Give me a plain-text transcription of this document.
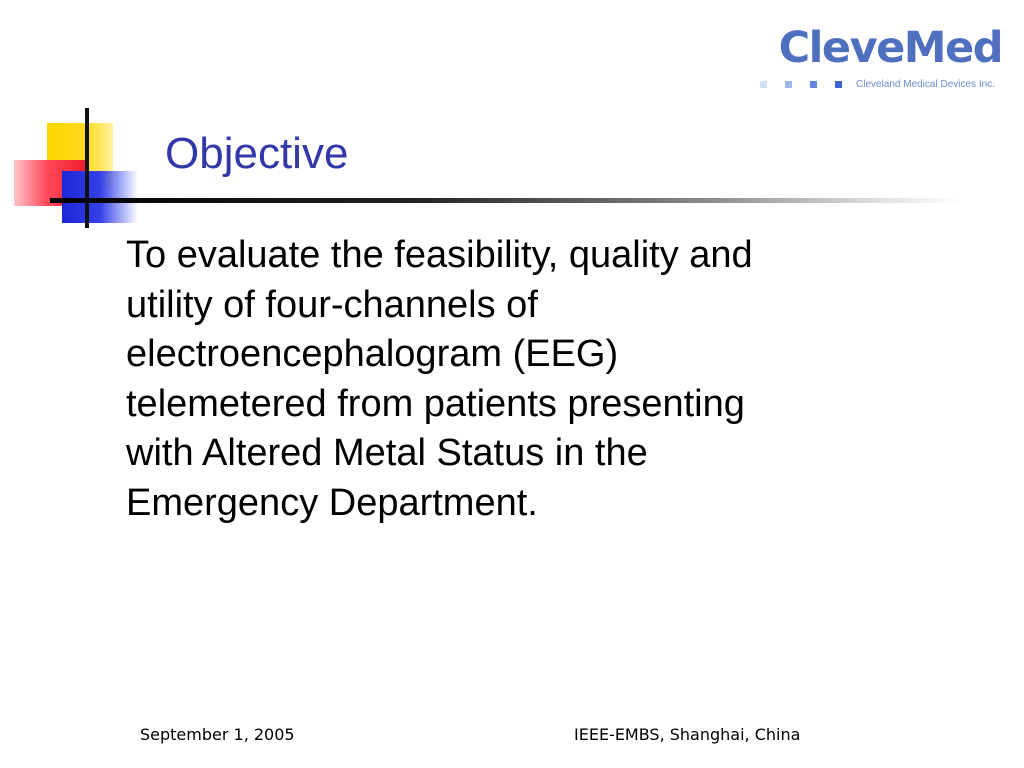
CleveMed
Cleveland Medical Devices Inc.
Objective
To evaluate the feasibility, quality and
utility of four-channels of
electroencephalogram (EEG)
telemetered from patients presenting
with Altered Metal Status in the
Emergency Department.
September 1, 2005	IEEE-EMBS, Shanghai, China
